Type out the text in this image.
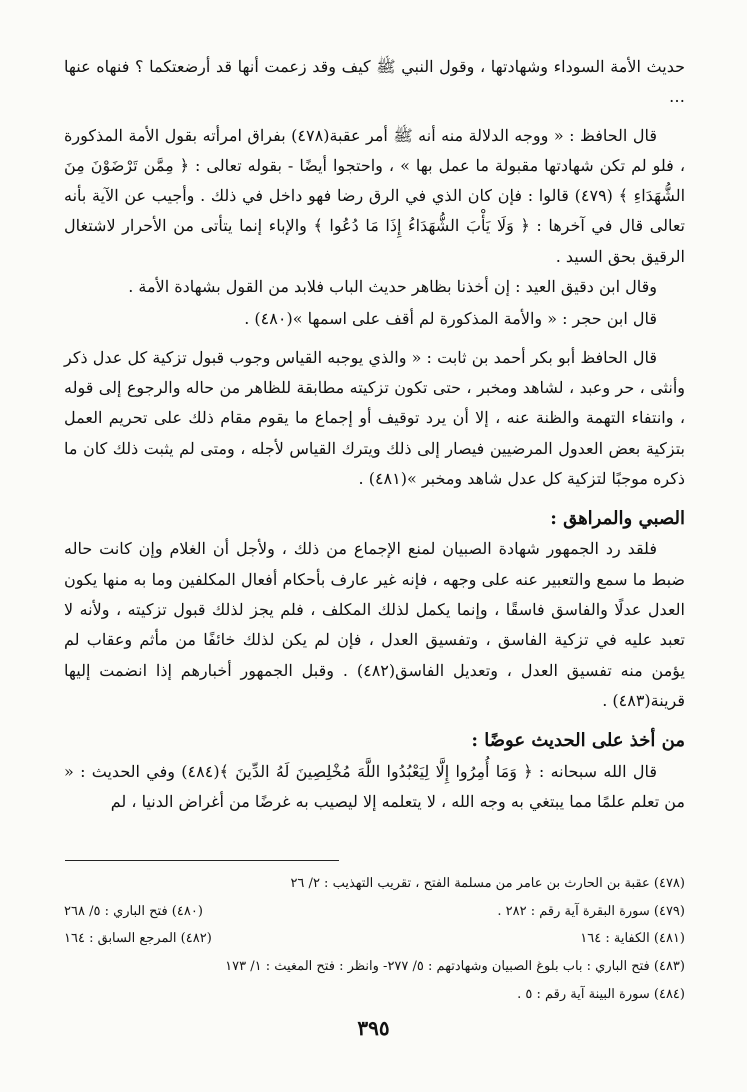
حديث الأمة السوداء وشهادتها ، وقول النبي ﷺ كيف وقد زعمت أنها قد أرضعتكما ؟ فنهاه عنها …

قال الحافظ : « ووجه الدلالة منه أنه ﷺ أمر عقبة(٤٧٨) بفراق امرأته بقول الأمة المذكورة ، فلو لم تكن شهادتها مقبولة ما عمل بها » ، واحتجوا أيضًا - بقوله تعالى : ﴿ مِمَّن تَرْضَوْنَ مِنَ الشُّهَدَاءِ ﴾ (٤٧٩) قالوا : فإن كان الذي في الرق رضا فهو داخل في ذلك . وأجيب عن الآية بأنه تعالى قال في آخرها : ﴿ وَلَا يَأْبَ الشُّهَدَاءُ إِذَا مَا دُعُوا ﴾ والإباء إنما يتأتى من الأحرار لاشتغال الرقيق بحق السيد .

وقال ابن دقيق العيد : إن أخذنا بظاهر حديث الباب فلابد من القول بشهادة الأمة .

قال ابن حجر : « والأمة المذكورة لم أقف على اسمها »(٤٨٠) .

قال الحافظ أبو بكر أحمد بن ثابت : « والذي يوجبه القياس وجوب قبول تزكية كل عدل ذكر وأنثى ، حر وعبد ، لشاهد ومخبر ، حتى تكون تزكيته مطابقة للظاهر من حاله والرجوع إلى قوله ، وانتفاء التهمة والظنة عنه ، إلا أن يرد توقيف أو إجماع ما يقوم مقام ذلك على تحريم العمل بتزكية بعض العدول المرضيين فيصار إلى ذلك ويترك القياس لأجله ، ومتى لم يثبت ذلك كان ما ذكره موجبًا لتزكية كل عدل شاهد ومخبر »(٤٨١) .

الصبي والمراهق :

فلقد رد الجمهور شهادة الصبيان لمنع الإجماع من ذلك ، ولأجل أن الغلام وإن كانت حاله ضبط ما سمع والتعبير عنه على وجهه ، فإنه غير عارف بأحكام أفعال المكلفين وما به منها يكون العدل عدلًا والفاسق فاسقًا ، وإنما يكمل لذلك المكلف ، فلم يجز لذلك قبول تزكيته ، ولأنه لا تعبد عليه في تزكية الفاسق ، وتفسيق العدل ، فإن لم يكن لذلك خائفًا من مأثم وعقاب لم يؤمن منه تفسيق العدل ، وتعديل الفاسق(٤٨٢) . وقبل الجمهور أخبارهم إذا انضمت إليها قرينة(٤٨٣) .

من أخذ على الحديث عوضًا :

قال الله سبحانه : ﴿ وَمَا أُمِرُوا إِلَّا لِيَعْبُدُوا اللَّهَ مُخْلِصِينَ لَهُ الدِّينَ ﴾(٤٨٤) وفي الحديث : « من تعلم علمًا مما يبتغي به وجه الله ، لا يتعلمه إلا ليصيب به غرضًا من أغراض الدنيا ، لم

(٤٧٨) عقبة بن الحارث بن عامر من مسلمة الفتح ، تقريب التهذيب : ٢/ ٢٦
(٤٧٩) سورة البقرة آية رقم : ٢٨٢ .
(٤٨٠) فتح الباري : ٥/ ٢٦٨
(٤٨١) الكفاية : ١٦٤
(٤٨٢) المرجع السابق : ١٦٤
(٤٨٣) فتح الباري : باب بلوغ الصبيان وشهادتهم : ٥/ ٢٧٧- وانظر : فتح المغيث : ١/ ١٧٣
(٤٨٤) سورة البينة آية رقم : ٥ .
٣٩٥
